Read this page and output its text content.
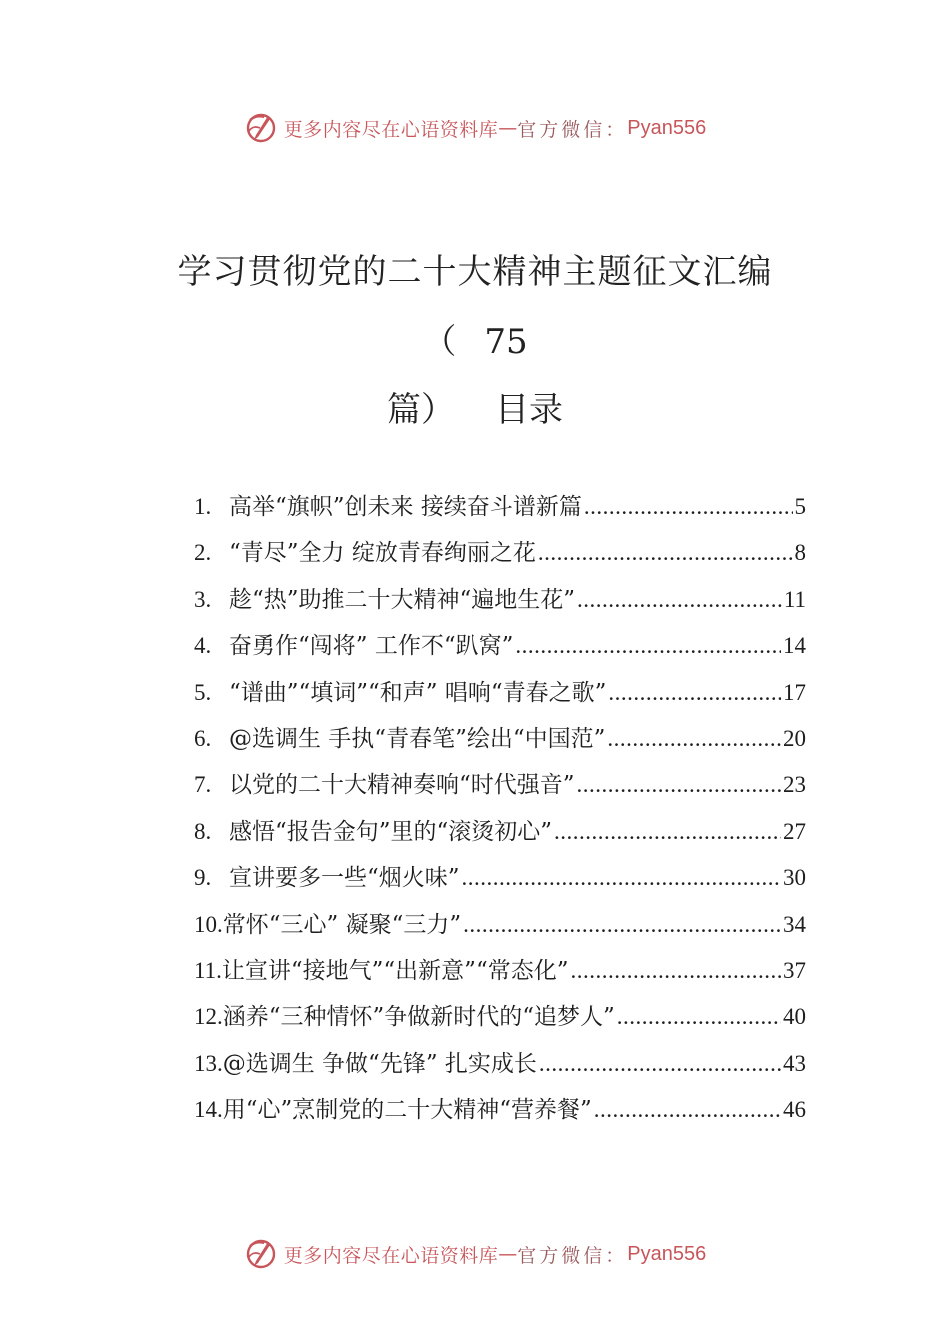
更多内容尽在心语资料库 — 官方微信： Pyan556
学习贯彻党的二十大精神主题征文汇编
（ 75
篇） 目录
1. 高举“旗帜”创未来 接续奋斗谱新篇 .....	5
2. “青尽”全力 绽放青春绚丽之花 .....	8
3. 趁“热”助推二十大精神“遍地生花” .....	11
4. 奋勇作“闯将” 工作不“趴窝” .....	14
5. “谱曲”“填词”“和声” 唱响“青春之歌” .....	17
6. @选调生 手执“青春笔”绘出“中国范” .....	20
7. 以党的二十大精神奏响“时代强音” .....	23
8. 感悟“报告金句”里的“滚烫初心” .....	27
9. 宣讲要多一些“烟火味” .....	30
10. 常怀“三心” 凝聚“三力” .....	34
11. 让宣讲“接地气”“出新意”“常态化” .....	37
12. 涵养“三种情怀”争做新时代的“追梦人” .....	40
13. @选调生 争做“先锋” 扎实成长 .....	43
14. 用“心”烹制党的二十大精神“营养餐” .....	46
更多内容尽在心语资料库 — 官方微信： Pyan556
